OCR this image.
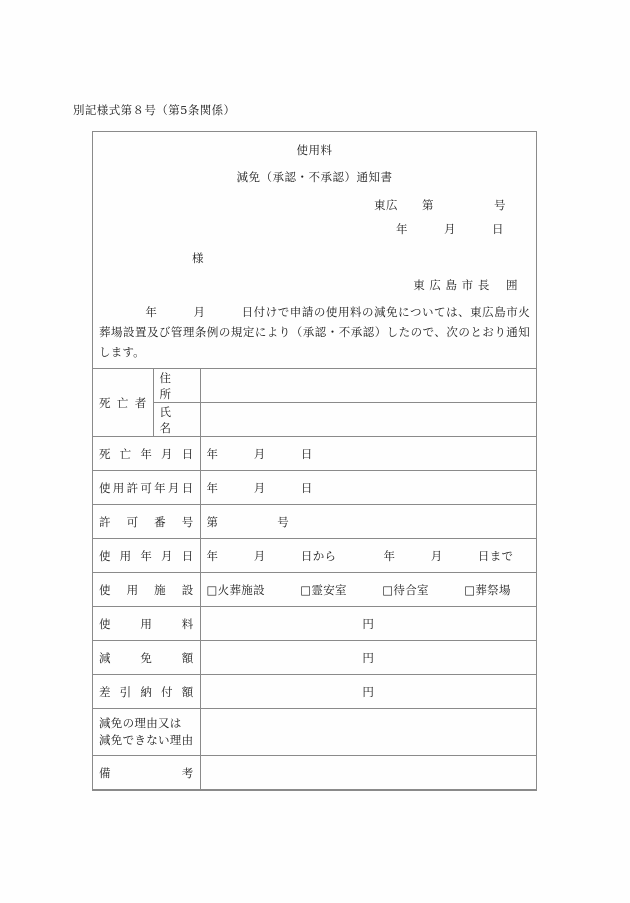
別記様式第８号（第5条関係）
使用料
減免（承認・不承認）通知書
東広　　第　　　　　号
年　　　月　　　日
様
東 広 島 市 長　 囲
年　　　月　　　日付けで申請の使用料の減免については、東広島市火葬場設置及び管理条例の規定により（承認・不承認）したので、次のとおり通知します。
死亡者	住　所	
	氏　名	
死亡年月日		年　　　月　　　日
使用許可年月日		年　　　月　　　日
許可番号		第　　　　　号
使用年月日		年　　　月　　　日から　　　　年　　　月　　　日まで
使用施設		□火葬施設　　　□霊安室　　　□待合室　　　□葬祭場
使用料		円
減免額		円
差引納付額		円
減免の理由又は
減免できない理由		
備　　　　　考		
